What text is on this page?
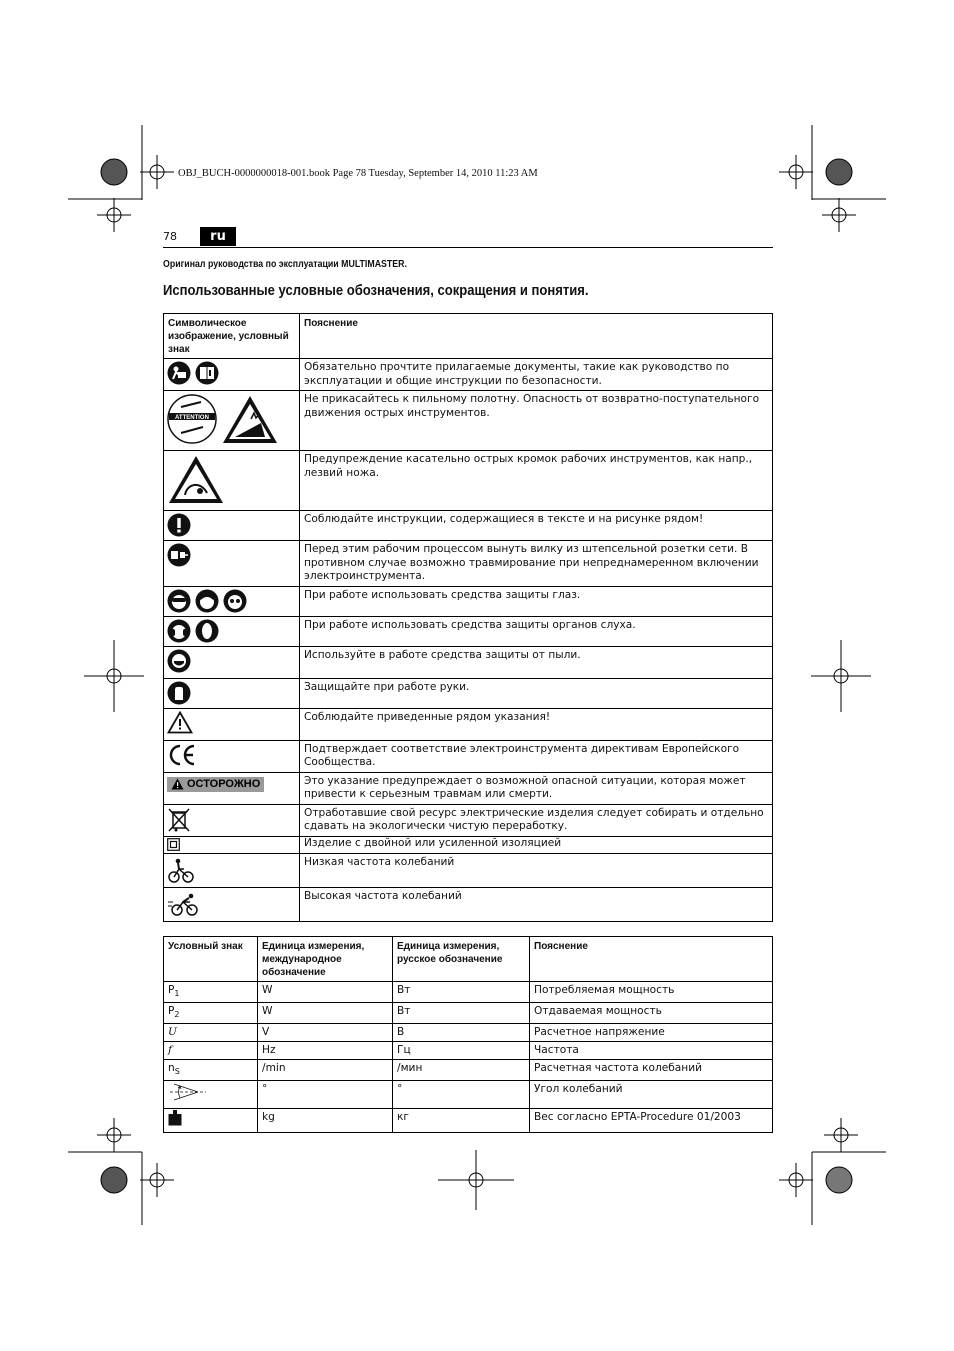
OBJ_BUCH-0000000018-001.book Page 78 Tuesday, September 14, 2010 11:23 AM
78	ru
Оригинал руководства по эксплуатации MULTIMASTER.
Использованные условные обозначения, сокращения и понятия.
Символическое изображение, условный знак	Пояснение

	Обязательно прочтите прилагаемые документы, такие как руководство по эксплуатации и общие инструкции по безопасности.

ATTENTION	Не прикасайтесь к пильному полотну. Опасность от возвратно-поступательного движения острых инструментов.

	Предупреждение касательно острых кромок рабочих инструментов, как напр., лезвий ножа.

	Соблюдайте инструкции, содержащиеся в тексте и на рисунке рядом!

	Перед этим рабочим процессом вынуть вилку из штепсельной розетки сети. В противном случае возможно травмирование при непреднамеренном включении электроинструмента.

	При работе использовать средства защиты глаз.

	При работе использовать средства защиты органов слуха.

	Используйте в работе средства защиты от пыли.

	Защищайте при работе руки.

	Соблюдайте приведенные рядом указания!

	Подтверждает соответствие электроинструмента директивам Европейского Сообщества.

ОСТОРОЖНО	Это указание предупреждает о возможной опасной ситуации, которая может привести к серьезным травмам или смерти.

	Отработавшие свой ресурс электрические изделия следует собирать и отдельно сдавать на экологически чистую переработку.

	Изделие с двойной или усиленной изоляцией

	Низкая частота колебаний

	Высокая частота колебаний
Условный знак	Единица измерения, международное обозначение	Единица измерения, русское обозначение	Пояснение
$P_1$	W	Вт	Потребляемая мощность
$P_2$	W	Вт	Отдаваемая мощность
U	V	В	Расчетное напряжение
f	Hz	Гц	Частота
$n_S$	/min	/мин	Расчетная частота колебаний
	°	°	Угол колебаний
	kg	кг	Вес согласно EPTA-Procedure 01/2003
